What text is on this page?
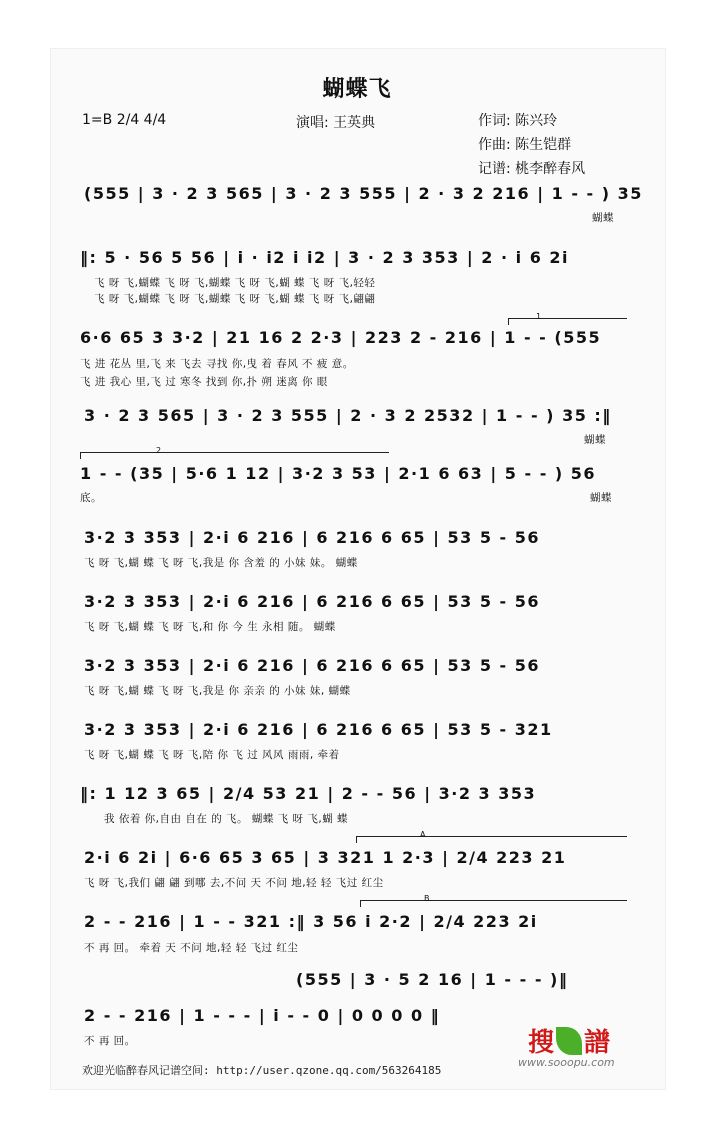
蝴蝶飞
1=B 2/4 4/4	演唱: 王英典	作词: 陈兴玲
作曲: 陈生铠群
记谱: 桃李醉春风
(555 | 3 · 2 3 565 | 3 · 2 3 555 | 2 · 3 2 216 | 1 - - ) 35
蝴蝶
‖: 5 · 56 5 56 | i · i2 i i2 | 3 · 2 3 353 | 2 · i 6 2i
飞 呀 飞,蝴蝶 飞 呀 飞,蝴蝶 飞 呀 飞,蝴 蝶 飞 呀 飞,轻轻
飞 呀 飞,蝴蝶 飞 呀 飞,蝴蝶 飞 呀 飞,蝴 蝶 飞 呀 飞,翩翩
1
6·6 65 3 3·2 | 21 16 2 2·3 | 223 2 - 216 | 1 - - (555
飞 进 花丛 里,飞 来 飞去 寻找 你,曳 着 春风 不 疲 意。
飞 进 我心 里,飞 过 寒冬 找到 你,扑 朔 迷离 你 眼
3 · 2 3 565 | 3 · 2 3 555 | 2 · 3 2 2532 | 1 - - ) 35 :‖
蝴蝶
2
1 - - (35 | 5·6 1 12 | 3·2 3 53 | 2·1 6 63 | 5 - - ) 56
底。	蝴蝶
3·2 3 353 | 2·i 6 216 | 6 216 6 65 | 53 5 - 56
飞 呀 飞,蝴 蝶 飞 呀 飞,我是 你 含羞 的 小妹 妹。 蝴蝶
3·2 3 353 | 2·i 6 216 | 6 216 6 65 | 53 5 - 56
飞 呀 飞,蝴 蝶 飞 呀 飞,和 你 今 生 永相 随。 蝴蝶
3·2 3 353 | 2·i 6 216 | 6 216 6 65 | 53 5 - 56
飞 呀 飞,蝴 蝶 飞 呀 飞,我是 你 亲亲 的 小妹 妹, 蝴蝶
3·2 3 353 | 2·i 6 216 | 6 216 6 65 | 53 5 - 321
飞 呀 飞,蝴 蝶 飞 呀 飞,陪 你 飞 过 风风 雨雨, 牵着
‖: 1 12 3 65 | 2/4 53 21 | 2 - - 56 | 3·2 3 353
我 依着 你,自由 自在 的 飞。 蝴蝶 飞 呀 飞,蝴 蝶
A
2·i 6 2i | 6·6 65 3 65 | 3 321 1 2·3 | 2/4 223 21
飞 呀 飞,我们 翩 翩 到哪 去,不问 天 不问 地,轻 轻 飞过 红尘
B
2 - - 216 | 1 - - 321 :‖ 3 56 i 2·2 | 2/4 223 2i
不 再 回。 牵着 天 不问 地,轻 轻 飞过 红尘
(555 | 3 · 5 2 16 | 1 - - - )‖
2 - - 216 | 1 - - - | i - - 0 | 0 0 0 0 ‖
不 再 回。
欢迎光临醉春风记谱空间: http://user.qzone.qq.com/563264185
搜 譜
www.sooopu.com
